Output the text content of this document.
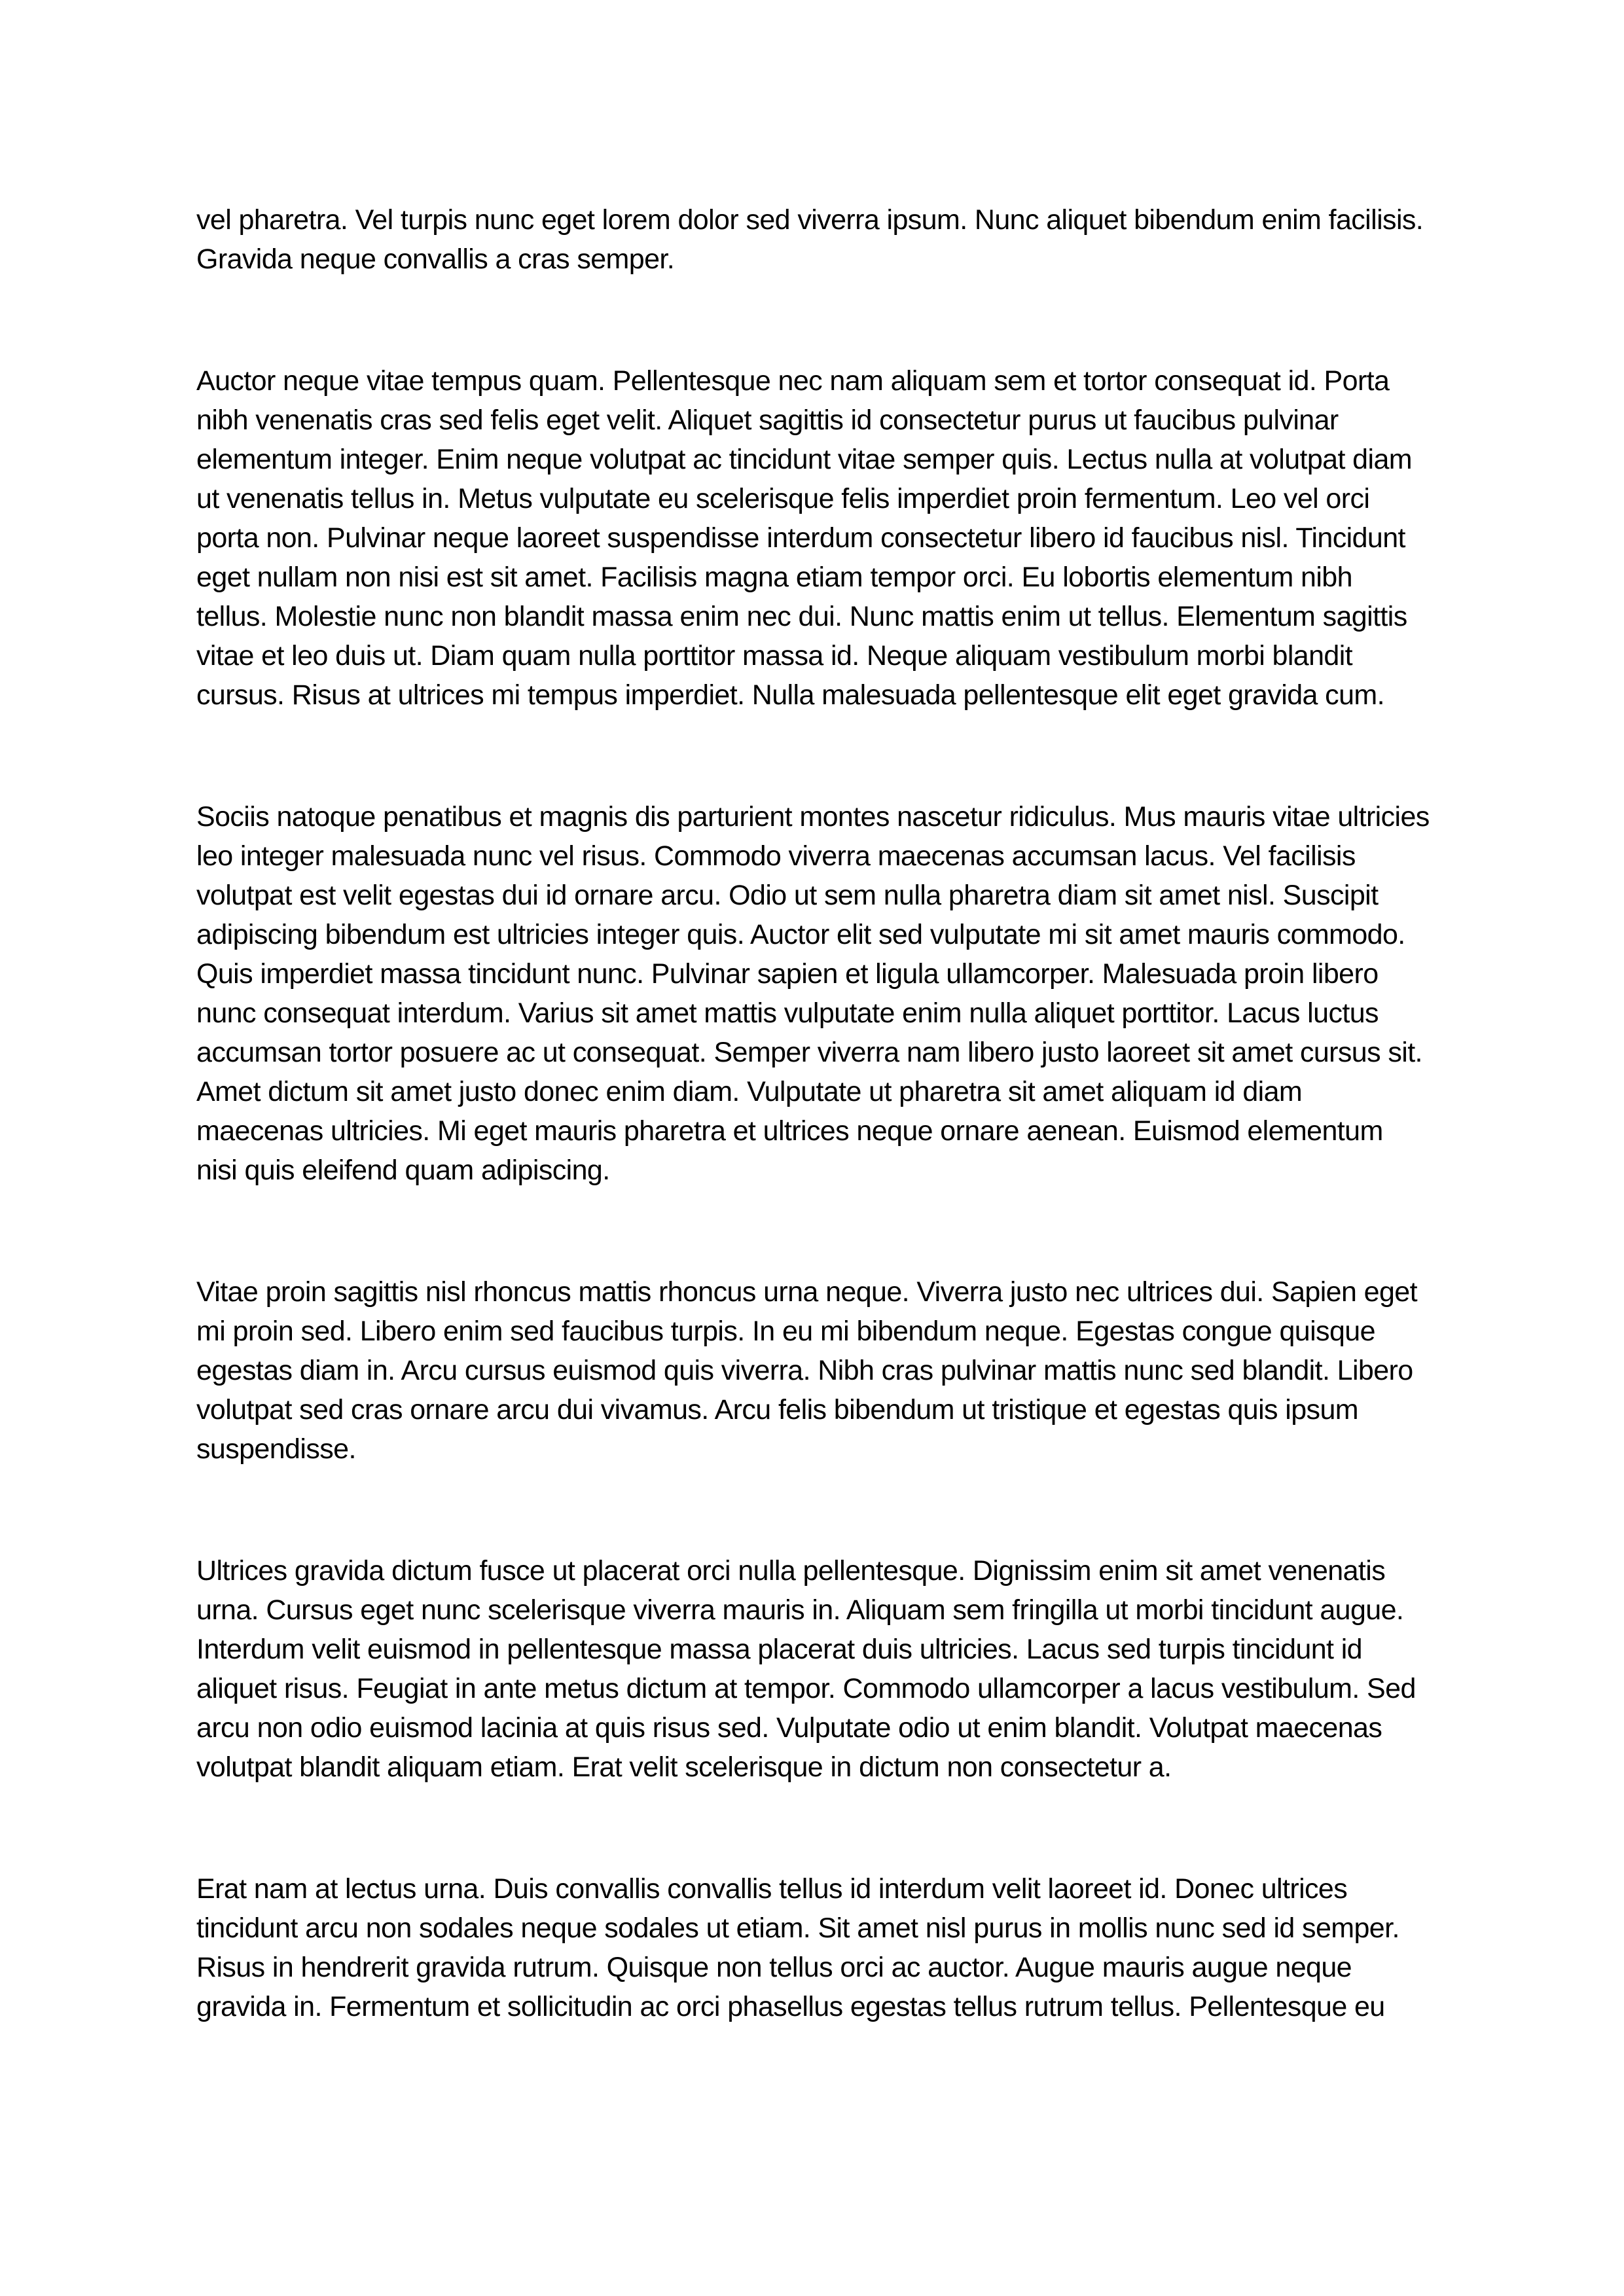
vel pharetra. Vel turpis nunc eget lorem dolor sed viverra ipsum. Nunc aliquet bibendum enim facilisis. Gravida neque convallis a cras semper.

Auctor neque vitae tempus quam. Pellentesque nec nam aliquam sem et tortor consequat id. Porta nibh venenatis cras sed felis eget velit. Aliquet sagittis id consectetur purus ut faucibus pulvinar elementum integer. Enim neque volutpat ac tincidunt vitae semper quis. Lectus nulla at volutpat diam ut venenatis tellus in. Metus vulputate eu scelerisque felis imperdiet proin fermentum. Leo vel orci porta non. Pulvinar neque laoreet suspendisse interdum consectetur libero id faucibus nisl. Tincidunt eget nullam non nisi est sit amet. Facilisis magna etiam tempor orci. Eu lobortis elementum nibh tellus. Molestie nunc non blandit massa enim nec dui. Nunc mattis enim ut tellus. Elementum sagittis vitae et leo duis ut. Diam quam nulla porttitor massa id. Neque aliquam vestibulum morbi blandit cursus. Risus at ultrices mi tempus imperdiet. Nulla malesuada pellentesque elit eget gravida cum.

Sociis natoque penatibus et magnis dis parturient montes nascetur ridiculus. Mus mauris vitae ultricies leo integer malesuada nunc vel risus. Commodo viverra maecenas accumsan lacus. Vel facilisis volutpat est velit egestas dui id ornare arcu. Odio ut sem nulla pharetra diam sit amet nisl. Suscipit adipiscing bibendum est ultricies integer quis. Auctor elit sed vulputate mi sit amet mauris commodo. Quis imperdiet massa tincidunt nunc. Pulvinar sapien et ligula ullamcorper. Malesuada proin libero nunc consequat interdum. Varius sit amet mattis vulputate enim nulla aliquet porttitor. Lacus luctus accumsan tortor posuere ac ut consequat. Semper viverra nam libero justo laoreet sit amet cursus sit. Amet dictum sit amet justo donec enim diam. Vulputate ut pharetra sit amet aliquam id diam maecenas ultricies. Mi eget mauris pharetra et ultrices neque ornare aenean. Euismod elementum nisi quis eleifend quam adipiscing.

Vitae proin sagittis nisl rhoncus mattis rhoncus urna neque. Viverra justo nec ultrices dui. Sapien eget mi proin sed. Libero enim sed faucibus turpis. In eu mi bibendum neque. Egestas congue quisque egestas diam in. Arcu cursus euismod quis viverra. Nibh cras pulvinar mattis nunc sed blandit. Libero volutpat sed cras ornare arcu dui vivamus. Arcu felis bibendum ut tristique et egestas quis ipsum suspendisse.

Ultrices gravida dictum fusce ut placerat orci nulla pellentesque. Dignissim enim sit amet venenatis urna. Cursus eget nunc scelerisque viverra mauris in. Aliquam sem fringilla ut morbi tincidunt augue. Interdum velit euismod in pellentesque massa placerat duis ultricies. Lacus sed turpis tincidunt id aliquet risus. Feugiat in ante metus dictum at tempor. Commodo ullamcorper a lacus vestibulum. Sed arcu non odio euismod lacinia at quis risus sed. Vulputate odio ut enim blandit. Volutpat maecenas volutpat blandit aliquam etiam. Erat velit scelerisque in dictum non consectetur a.

Erat nam at lectus urna. Duis convallis convallis tellus id interdum velit laoreet id. Donec ultrices tincidunt arcu non sodales neque sodales ut etiam. Sit amet nisl purus in mollis nunc sed id semper. Risus in hendrerit gravida rutrum. Quisque non tellus orci ac auctor. Augue mauris augue neque gravida in. Fermentum et sollicitudin ac orci phasellus egestas tellus rutrum tellus. Pellentesque eu
